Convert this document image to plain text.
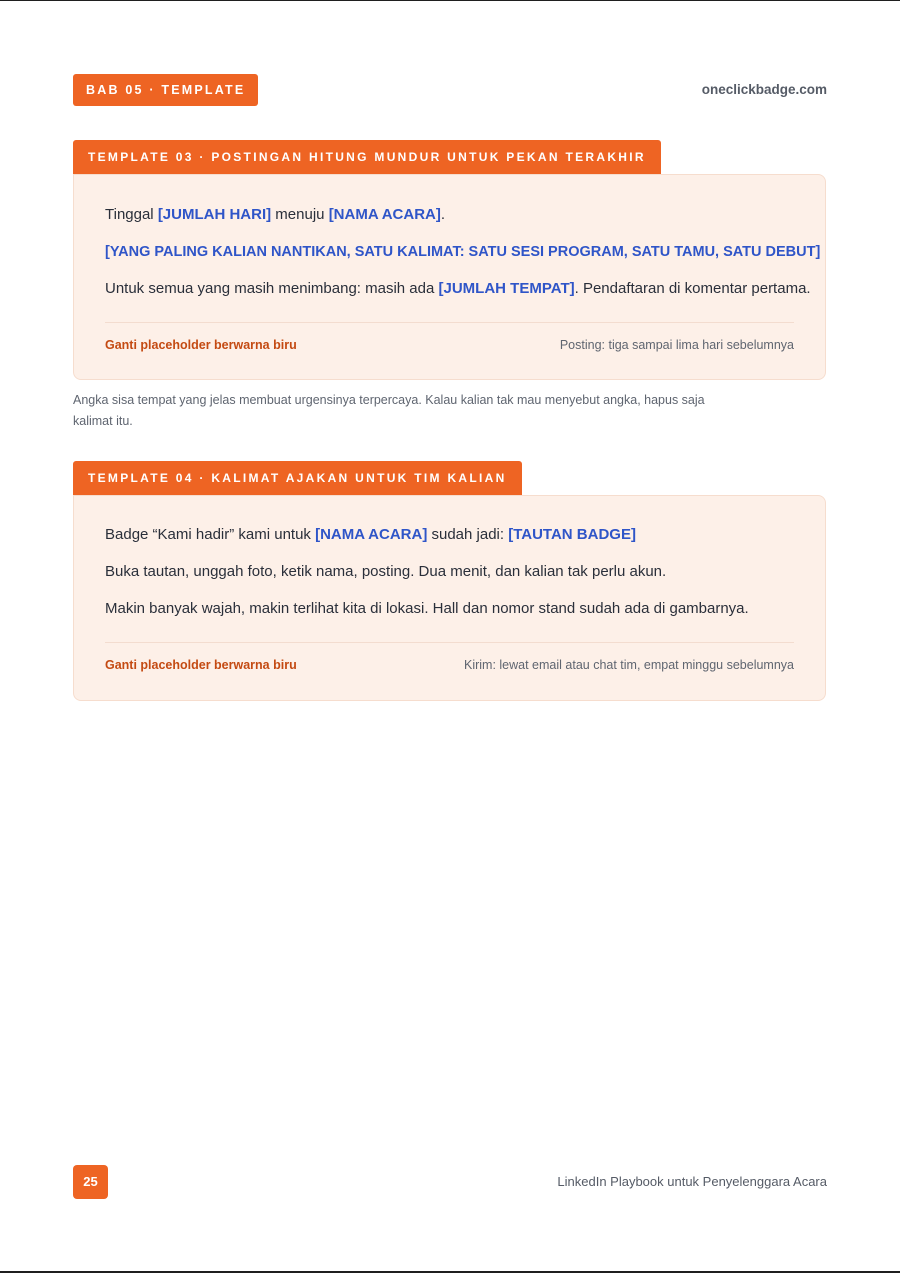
BAB 05 · TEMPLATE	oneclickbadge.com
TEMPLATE 03 · POSTINGAN HITUNG MUNDUR UNTUK PEKAN TERAKHIR
Tinggal [JUMLAH HARI] menuju [NAMA ACARA].
[YANG PALING KALIAN NANTIKAN, SATU KALIMAT: SATU SESI PROGRAM, SATU TAMU, SATU DEBUT]
Untuk semua yang masih menimbang: masih ada [JUMLAH TEMPAT]. Pendaftaran di komentar pertama.
Ganti placeholder berwarna biru	Posting: tiga sampai lima hari sebelumnya
Angka sisa tempat yang jelas membuat urgensinya terpercaya. Kalau kalian tak mau menyebut angka, hapus saja kalimat itu.
TEMPLATE 04 · KALIMAT AJAKAN UNTUK TIM KALIAN
Badge “Kami hadir” kami untuk [NAMA ACARA] sudah jadi: [TAUTAN BADGE]
Buka tautan, unggah foto, ketik nama, posting. Dua menit, dan kalian tak perlu akun.
Makin banyak wajah, makin terlihat kita di lokasi. Hall dan nomor stand sudah ada di gambarnya.
Ganti placeholder berwarna biru	Kirim: lewat email atau chat tim, empat minggu sebelumnya
25	LinkedIn Playbook untuk Penyelenggara Acara
